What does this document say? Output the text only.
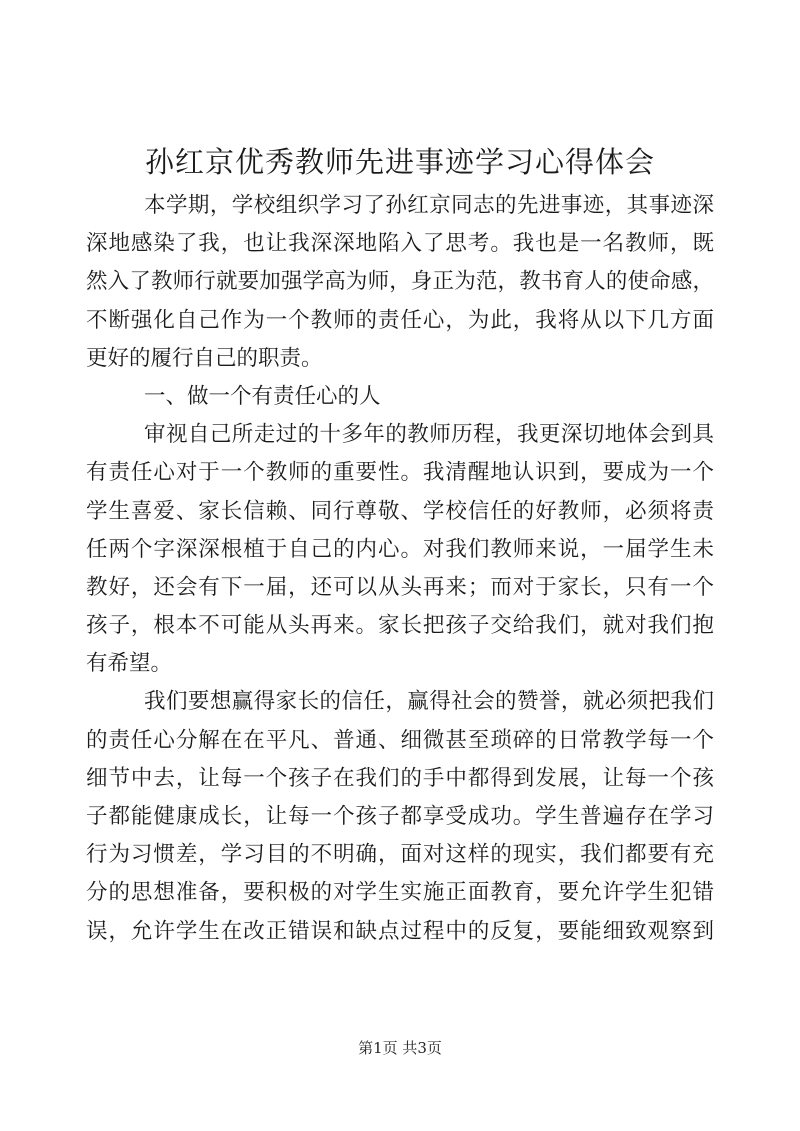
孙红京优秀教师先进事迹学习心得体会
本学期，学校组织学习了孙红京同志的先进事迹，其事迹深
深地感染了我，也让我深深地陷入了思考。我也是一名教师，既
然入了教师行就要加强学高为师，身正为范，教书育人的使命感，
不断强化自己作为一个教师的责任心，为此，我将从以下几方面
更好的履行自己的职责。
一、做一个有责任心的人
审视自己所走过的十多年的教师历程，我更深切地体会到具
有责任心对于一个教师的重要性。我清醒地认识到，要成为一个
学生喜爱、家长信赖、同行尊敬、学校信任的好教师，必须将责
任两个字深深根植于自己的内心。对我们教师来说，一届学生未
教好，还会有下一届，还可以从头再来；而对于家长，只有一个
孩子，根本不可能从头再来。家长把孩子交给我们，就对我们抱
有希望。
我们要想赢得家长的信任，赢得社会的赞誉，就必须把我们
的责任心分解在在平凡、普通、细微甚至琐碎的日常教学每一个
细节中去，让每一个孩子在我们的手中都得到发展，让每一个孩
子都能健康成长，让每一个孩子都享受成功。学生普遍存在学习
行为习惯差，学习目的不明确，面对这样的现实，我们都要有充
分的思想准备，要积极的对学生实施正面教育，要允许学生犯错
误，允许学生在改正错误和缺点过程中的反复，要能细致观察到
第1页 共3页
